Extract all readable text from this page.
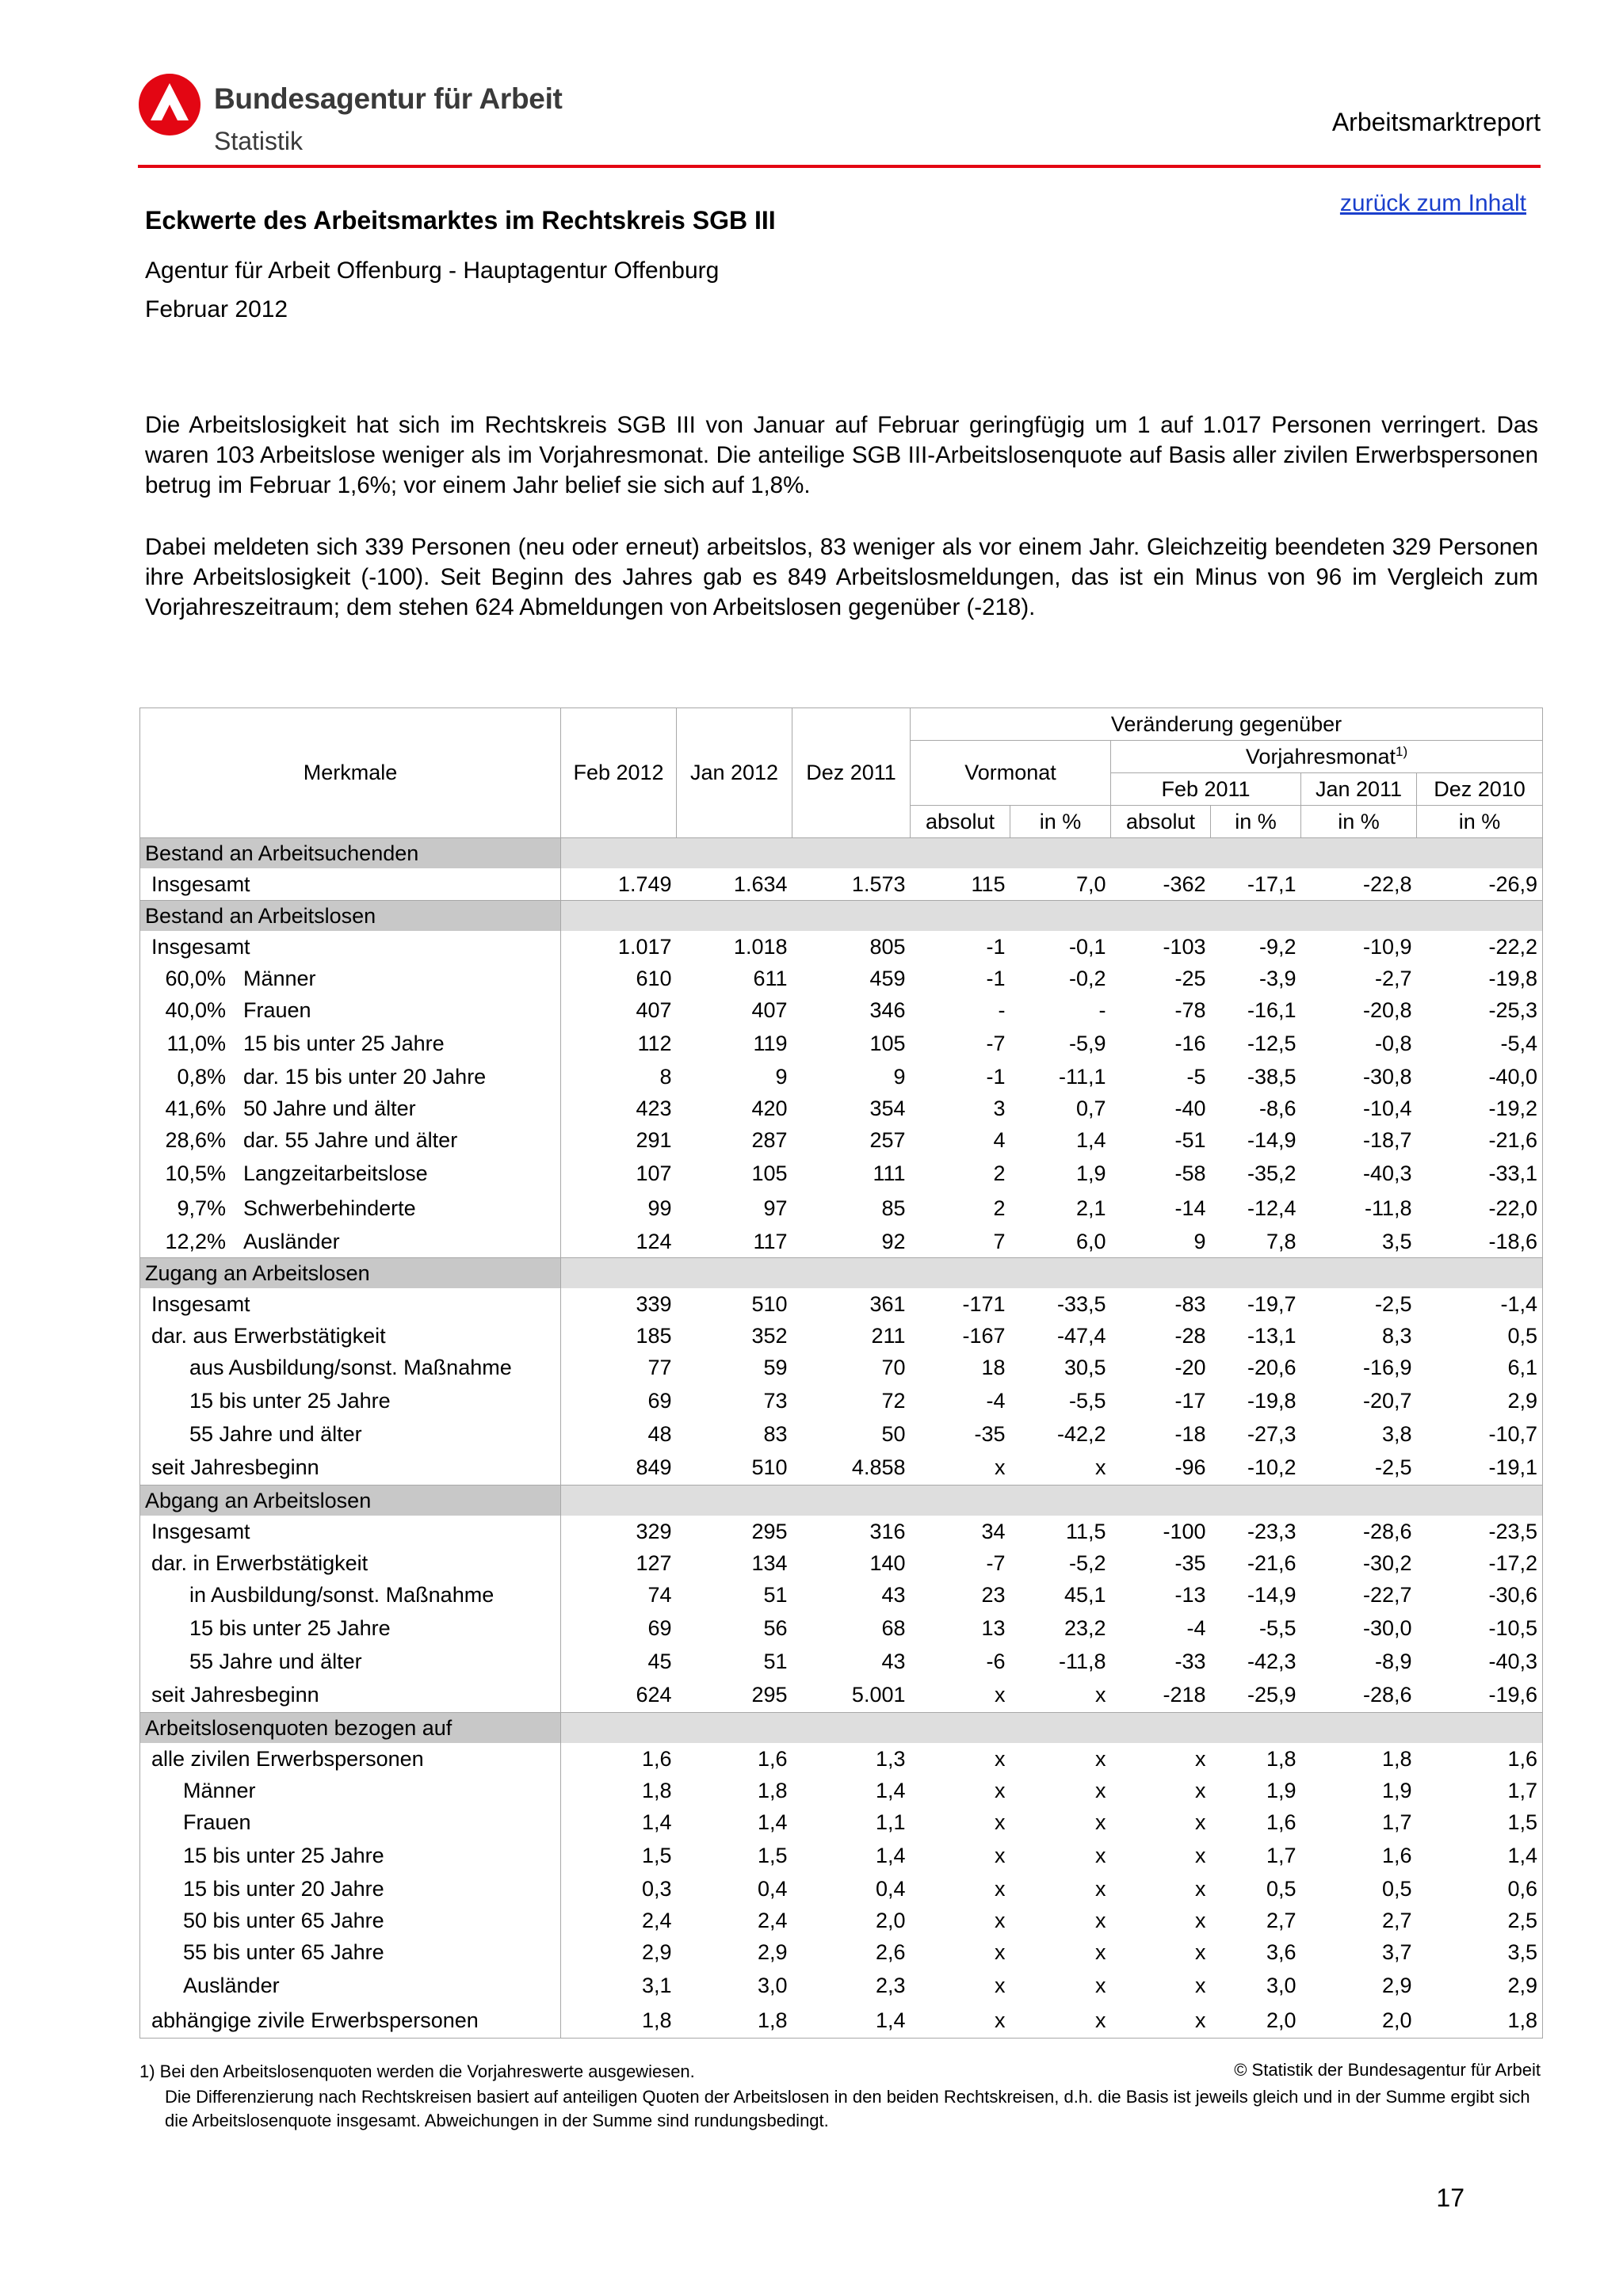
Bundesagentur für Arbeit
Statistik
Arbeitsmarktreport
zurück zum Inhalt
Eckwerte des Arbeitsmarktes im Rechtskreis SGB III
Agentur für Arbeit Offenburg - Hauptagentur Offenburg
Februar 2012
Die Arbeitslosigkeit hat sich im Rechtskreis SGB III von Januar auf Februar geringfügig um 1 auf 1.017 Personen verringert. Das waren 103 Arbeitslose weniger als im Vorjahresmonat. Die anteilige SGB III-Arbeitslosenquote auf Basis aller zivilen Erwerbspersonen betrug im Februar 1,6%; vor einem Jahr belief sie sich auf 1,8%.
Dabei meldeten sich 339 Personen (neu oder erneut) arbeitslos, 83 weniger als vor einem Jahr. Gleichzeitig beendeten 329 Personen ihre Arbeitslosigkeit (-100). Seit Beginn des Jahres gab es 849 Arbeitslosmeldungen, das ist ein Minus von 96 im Vergleich zum Vorjahreszeitraum; dem stehen 624 Abmeldungen von Arbeitslosen gegenüber (-218).
Merkmale	Feb 2012	Jan 2012	Dez 2011	Veränderung gegenüber					
				Vormonat		Vorjahresmonat$^{1)}$
						Feb 2011		Jan 2011	Dez 2010
				absolut	in %	absolut	in %	in %	in %
Bestand an Arbeitsuchenden									
Insgesamt	1.749	1.634	1.573	115	7,0	-362	-17,1	-22,8	-26,9
Bestand an Arbeitslosen									
Insgesamt	1.017	1.018	805	-1	-0,1	-103	-9,2	-10,9	-22,2
60,0% Männer	610	611	459	-1	-0,2	-25	-3,9	-2,7	-19,8
40,0% Frauen	407	407	346	-	-	-78	-16,1	-20,8	-25,3
11,0% 15 bis unter 25 Jahre	112	119	105	-7	-5,9	-16	-12,5	-0,8	-5,4
0,8% dar. 15 bis unter 20 Jahre	8	9	9	-1	-11,1	-5	-38,5	-30,8	-40,0
41,6% 50 Jahre und älter	423	420	354	3	0,7	-40	-8,6	-10,4	-19,2
28,6% dar. 55 Jahre und älter	291	287	257	4	1,4	-51	-14,9	-18,7	-21,6
10,5% Langzeitarbeitslose	107	105	111	2	1,9	-58	-35,2	-40,3	-33,1
9,7% Schwerbehinderte	99	97	85	2	2,1	-14	-12,4	-11,8	-22,0
12,2% Ausländer	124	117	92	7	6,0	9	7,8	3,5	-18,6
Zugang an Arbeitslosen									
Insgesamt	339	510	361	-171	-33,5	-83	-19,7	-2,5	-1,4
dar. aus Erwerbstätigkeit	185	352	211	-167	-47,4	-28	-13,1	8,3	0,5
aus Ausbildung/sonst. Maßnahme	77	59	70	18	30,5	-20	-20,6	-16,9	6,1
15 bis unter 25 Jahre	69	73	72	-4	-5,5	-17	-19,8	-20,7	2,9
55 Jahre und älter	48	83	50	-35	-42,2	-18	-27,3	3,8	-10,7
seit Jahresbeginn	849	510	4.858	x	x	-96	-10,2	-2,5	-19,1
Abgang an Arbeitslosen									
Insgesamt	329	295	316	34	11,5	-100	-23,3	-28,6	-23,5
dar. in Erwerbstätigkeit	127	134	140	-7	-5,2	-35	-21,6	-30,2	-17,2
in Ausbildung/sonst. Maßnahme	74	51	43	23	45,1	-13	-14,9	-22,7	-30,6
15 bis unter 25 Jahre	69	56	68	13	23,2	-4	-5,5	-30,0	-10,5
55 Jahre und älter	45	51	43	-6	-11,8	-33	-42,3	-8,9	-40,3
seit Jahresbeginn	624	295	5.001	x	x	-218	-25,9	-28,6	-19,6
Arbeitslosenquoten bezogen auf									
alle zivilen Erwerbspersonen	1,6	1,6	1,3	x	x	x	1,8	1,8	1,6
Männer	1,8	1,8	1,4	x	x	x	1,9	1,9	1,7
Frauen	1,4	1,4	1,1	x	x	x	1,6	1,7	1,5
15 bis unter 25 Jahre	1,5	1,5	1,4	x	x	x	1,7	1,6	1,4
15 bis unter 20 Jahre	0,3	0,4	0,4	x	x	x	0,5	0,5	0,6
50 bis unter 65 Jahre	2,4	2,4	2,0	x	x	x	2,7	2,7	2,5
55 bis unter 65 Jahre	2,9	2,9	2,6	x	x	x	3,6	3,7	3,5
Ausländer	3,1	3,0	2,3	x	x	x	3,0	2,9	2,9
abhängige zivile Erwerbspersonen	1,8	1,8	1,4	x	x	x	2,0	2,0	1,8
1) Bei den Arbeitslosenquoten werden die Vorjahreswerte ausgewiesen.	© Statistik der Bundesagentur für Arbeit
Die Differenzierung nach Rechtskreisen basiert auf anteiligen Quoten der Arbeitslosen in den beiden Rechtskreisen, d.h. die Basis ist jeweils gleich und in der Summe ergibt sich die Arbeitslosenquote insgesamt. Abweichungen in der Summe sind rundungsbedingt.
17
